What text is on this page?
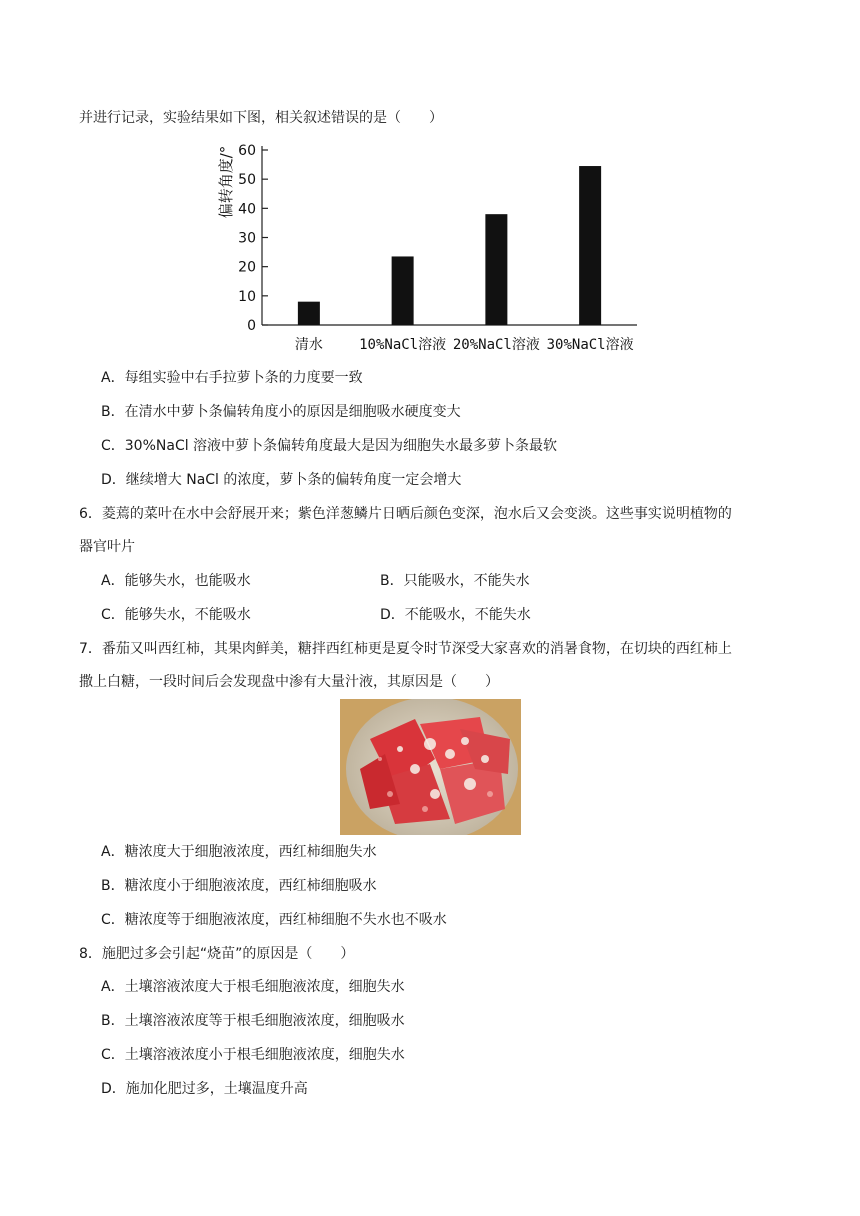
并进行记录，实验结果如下图，相关叙述错误的是（　　）
0
10
20
30
40
50
60
清水	10%NaCl溶液 20%NaCl溶液 30%NaCl溶液
偏转角度/°
A．每组实验中右手拉萝卜条的力度要一致
B．在清水中萝卜条偏转角度小的原因是细胞吸水硬度变大
C．30%NaCl 溶液中萝卜条偏转角度最大是因为细胞失水最多萝卜条最软
D．继续增大 NaCl 的浓度，萝卜条的偏转角度一定会增大
6．菱蔫的菜叶在水中会舒展开来；紫色洋葱鳞片日晒后颜色变深，泡水后又会变淡。这些事实说明植物的
器官叶片
A．能够失水，也能吸水	B．只能吸水，不能失水
C．能够失水，不能吸水	D．不能吸水，不能失水
7．番茄又叫西红柿，其果肉鲜美，糖拌西红柿更是夏令时节深受大家喜欢的消暑食物，在切块的西红柿上
撒上白糖，一段时间后会发现盘中渗有大量汁液，其原因是（　　）
A．糖浓度大于细胞液浓度，西红柿细胞失水
B．糖浓度小于细胞液浓度，西红柿细胞吸水
C．糖浓度等于细胞液浓度，西红柿细胞不失水也不吸水
8．施肥过多会引起“烧苗”的原因是（　　）
A．土壤溶液浓度大于根毛细胞液浓度，细胞失水
B．土壤溶液浓度等于根毛细胞液浓度，细胞吸水
C．土壤溶液浓度小于根毛细胞液浓度，细胞失水
D．施加化肥过多，土壤温度升高
